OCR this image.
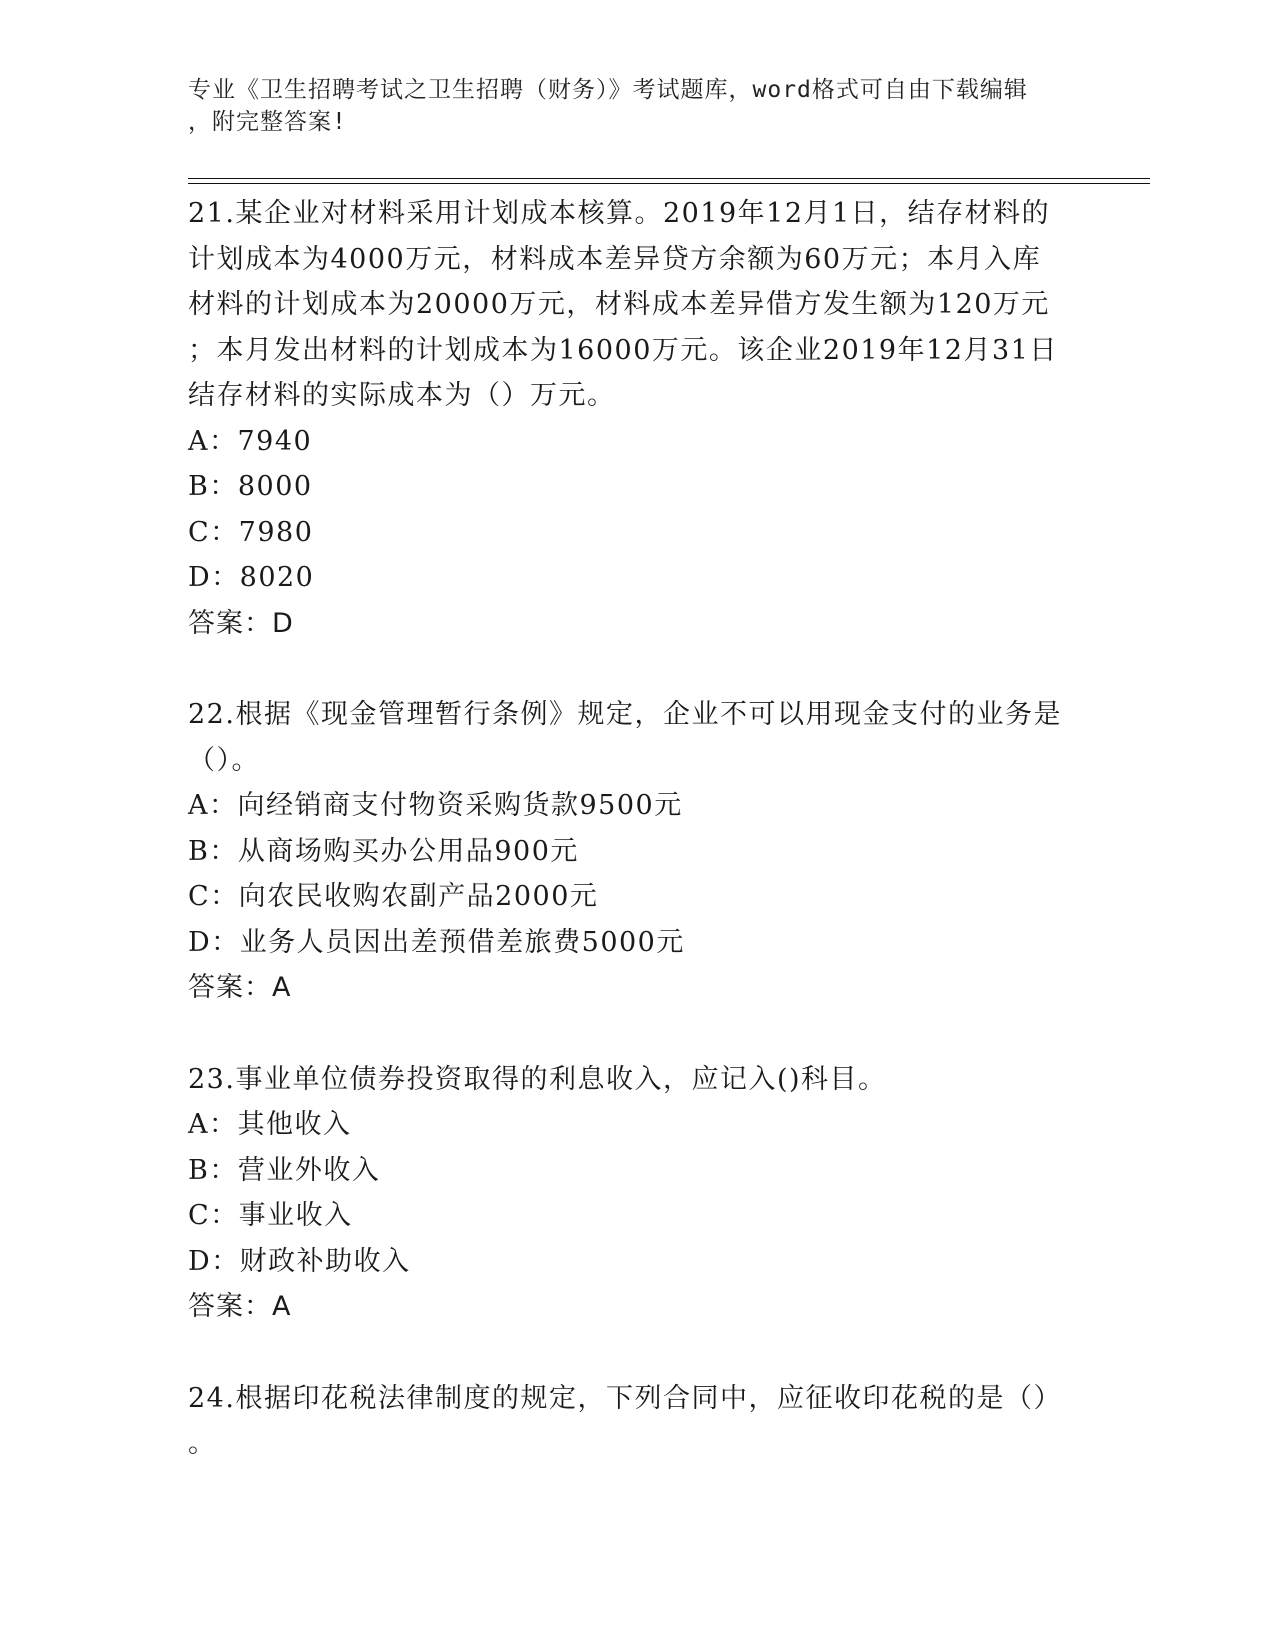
专业《卫生招聘考试之卫生招聘（财务）》考试题库，word格式可自由下载编辑
，附完整答案!

21.某企业对材料采用计划成本核算。2019年12月1日，结存材料的

计划成本为4000万元，材料成本差异贷方余额为60万元；本月入库

材料的计划成本为20000万元，材料成本差异借方发生额为120万元

；本月发出材料的计划成本为16000万元。该企业2019年12月31日

结存材料的实际成本为（）万元。

A：7940

B：8000

C：7980

D：8020

答案：D

22.根据《现金管理暂行条例》规定，企业不可以用现金支付的业务是

（）。

A：向经销商支付物资采购货款9500元

B：从商场购买办公用品900元

C：向农民收购农副产品2000元

D：业务人员因出差预借差旅费5000元

答案：A

23.事业单位债券投资取得的利息收入，应记入()科目。

A：其他收入

B：营业外收入

C：事业收入

D：财政补助收入

答案：A

24.根据印花税法律制度的规定，下列合同中，应征收印花税的是（）

。
